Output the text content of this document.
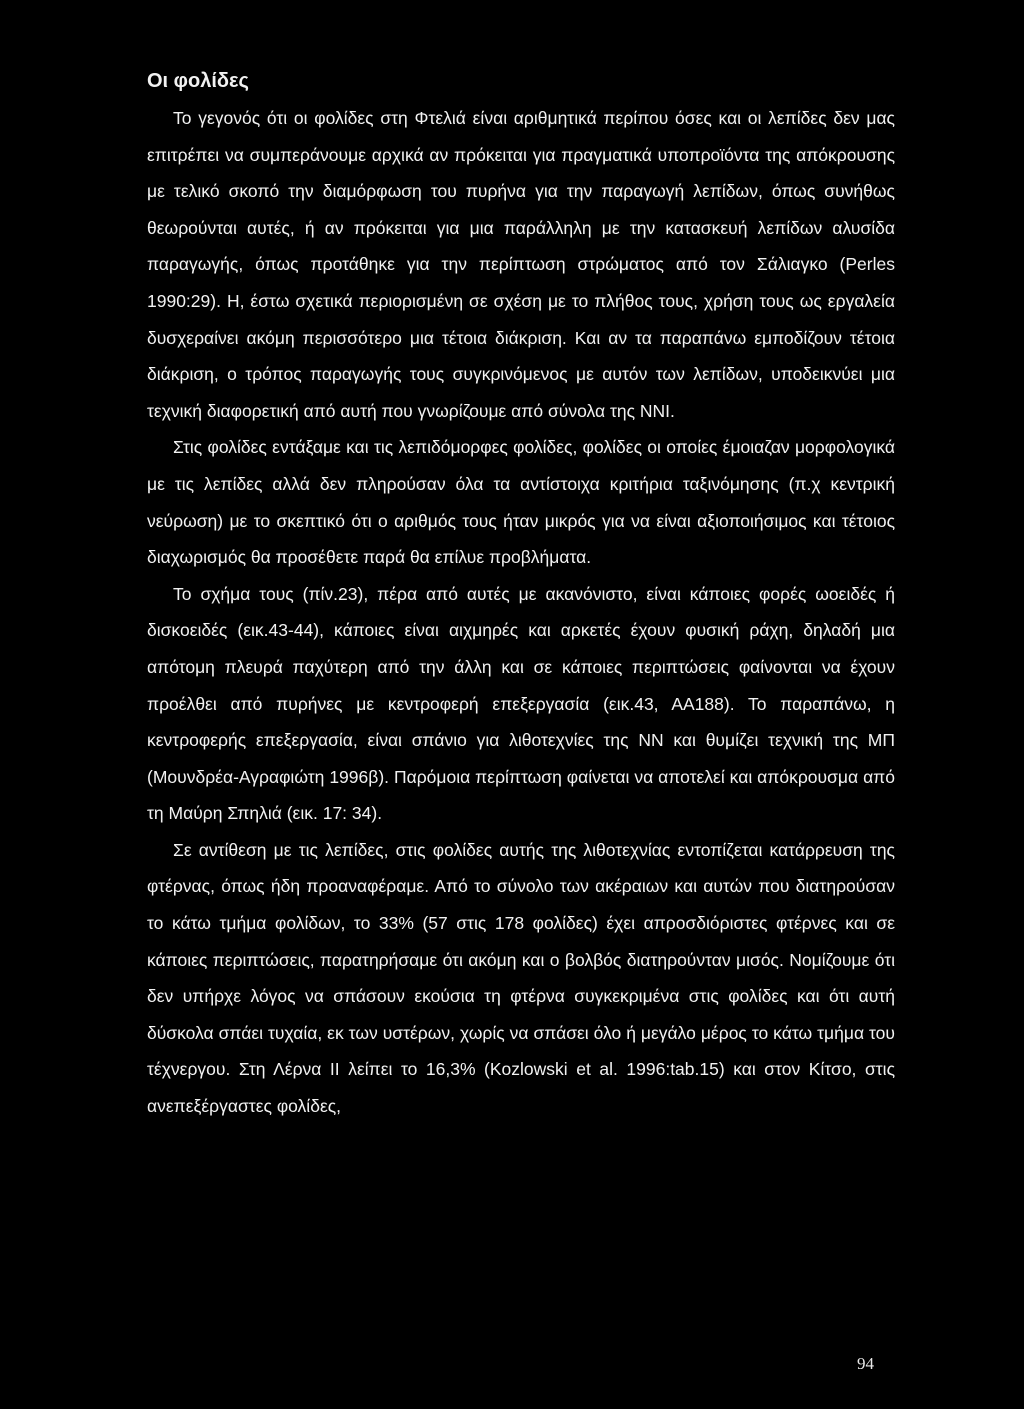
Οι φολίδες

Το γεγονός ότι οι φολίδες στη Φτελιά είναι αριθμητικά περίπου όσες και οι λεπίδες δεν μας επιτρέπει να συμπεράνουμε αρχικά αν πρόκειται για πραγματικά υποπροϊόντα της απόκρουσης με τελικό σκοπό την διαμόρφωση του πυρήνα για την παραγωγή λεπίδων, όπως συνήθως θεωρούνται αυτές, ή αν πρόκειται για μια παράλληλη με την κατασκευή λεπίδων αλυσίδα παραγωγής, όπως προτάθηκε για την περίπτωση στρώματος από τον Σάλιαγκο (Perles 1990:29). Η, έστω σχετικά περιορισμένη σε σχέση με το πλήθος τους, χρήση τους ως εργαλεία δυσχεραίνει ακόμη περισσότερο μια τέτοια διάκριση. Και αν τα παραπάνω εμποδίζουν τέτοια διάκριση, ο τρόπος παραγωγής τους συγκρινόμενος με αυτόν των λεπίδων, υποδεικνύει μια τεχνική διαφορετική από αυτή που γνωρίζουμε από σύνολα της ΝΝΙ.

Στις φολίδες εντάξαμε και τις λεπιδόμορφες φολίδες, φολίδες οι οποίες έμοιαζαν μορφολογικά με τις λεπίδες αλλά δεν πληρούσαν όλα τα αντίστοιχα κριτήρια ταξινόμησης (π.χ κεντρική νεύρωση) με το σκεπτικό ότι ο αριθμός τους ήταν μικρός για να είναι αξιοποιήσιμος και τέτοιος διαχωρισμός θα προσέθετε παρά θα επίλυε προβλήματα.

Το σχήμα τους (πίν.23), πέρα από αυτές με ακανόνιστο, είναι κάποιες φορές ωοειδές ή δισκοειδές (εικ.43-44), κάποιες είναι αιχμηρές και αρκετές έχουν φυσική ράχη, δηλαδή μια απότομη πλευρά παχύτερη από την άλλη και σε κάποιες περιπτώσεις φαίνονται να έχουν προέλθει από πυρήνες με κεντροφερή επεξεργασία (εικ.43, ΑΑ188). Το παραπάνω, η κεντροφερής επεξεργασία, είναι σπάνιο για λιθοτεχνίες της ΝΝ και θυμίζει τεχνική της ΜΠ (Μουνδρέα-Αγραφιώτη 1996β). Παρόμοια περίπτωση φαίνεται να αποτελεί και απόκρουσμα από τη Μαύρη Σπηλιά (εικ. 17: 34).

Σε αντίθεση με τις λεπίδες, στις φολίδες αυτής της λιθοτεχνίας εντοπίζεται κατάρρευση της φτέρνας, όπως ήδη προαναφέραμε. Από το σύνολο των ακέραιων και αυτών που διατηρούσαν το κάτω τμήμα φολίδων, το 33% (57 στις 178 φολίδες) έχει απροσδιόριστες φτέρνες και σε κάποιες περιπτώσεις, παρατηρήσαμε ότι ακόμη και ο βολβός διατηρούνταν μισός. Νομίζουμε ότι δεν υπήρχε λόγος να σπάσουν εκούσια τη φτέρνα συγκεκριμένα στις φολίδες και ότι αυτή δύσκολα σπάει τυχαία, εκ των υστέρων, χωρίς να σπάσει όλο ή μεγάλο μέρος το κάτω τμήμα του τέχνεργου. Στη Λέρνα ΙΙ λείπει το 16,3% (Kozlowski et al. 1996:tab.15) και στον Κίτσο, στις ανεπεξέργαστες φολίδες,

94
